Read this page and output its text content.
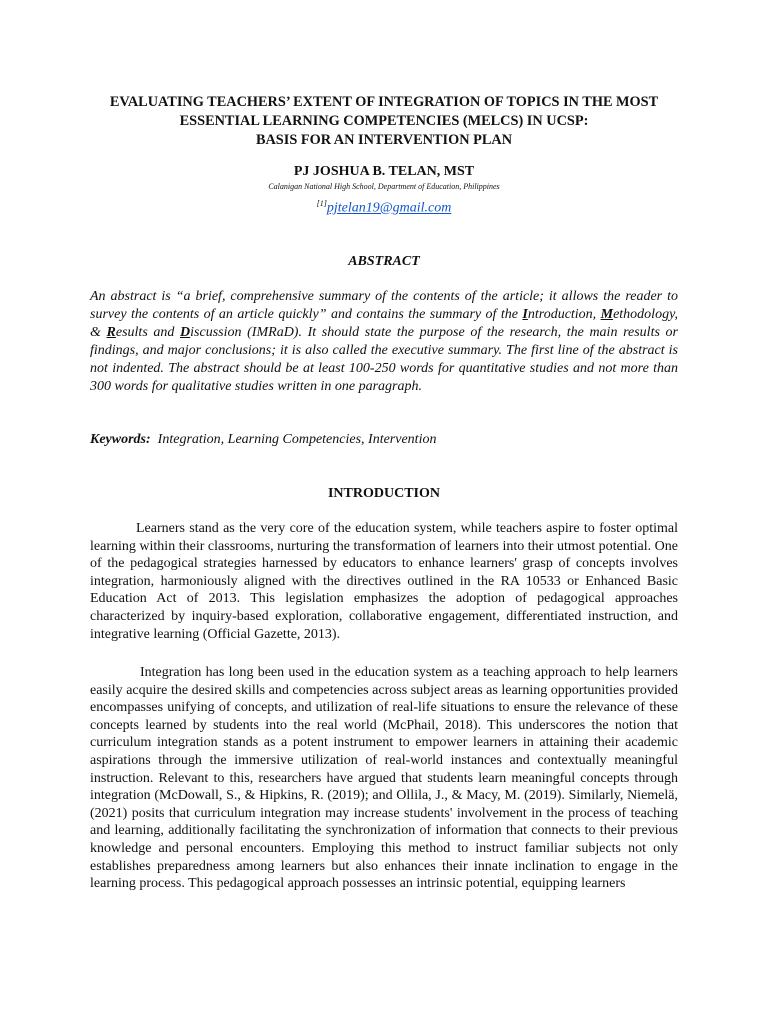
EVALUATING TEACHERS’ EXTENT OF INTEGRATION OF TOPICS IN THE MOST

ESSENTIAL LEARNING COMPETENCIES (MELCS) IN UCSP:

BASIS FOR AN INTERVENTION PLAN

PJ JOSHUA B. TELAN, MST
Calanigan National High School, Department of Education, Philippines
[1]pjtelan19@gmail.com
ABSTRACT

An abstract is “a brief, comprehensive summary of the contents of the article; it allows the reader to survey the contents of an article quickly” and contains the summary of the Introduction, Methodology, & Results and Discussion (IMRaD). It should state the purpose of the research, the main results or findings, and major conclusions; it is also called the executive summary. The first line of the abstract is not indented. The abstract should be at least 100-250 words for quantitative studies and not more than 300 words for qualitative studies written in one paragraph.

Keywords: Integration, Learning Competencies, Intervention
INTRODUCTION

Learners stand as the very core of the education system, while teachers aspire to foster optimal learning within their classrooms, nurturing the transformation of learners into their utmost potential. One of the pedagogical strategies harnessed by educators to enhance learners' grasp of concepts involves integration, harmoniously aligned with the directives outlined in the RA 10533 or Enhanced Basic Education Act of 2013. This legislation emphasizes the adoption of pedagogical approaches characterized by inquiry-based exploration, collaborative engagement, differentiated instruction, and integrative learning (Official Gazette, 2013).

Integration has long been used in the education system as a teaching approach to help learners easily acquire the desired skills and competencies across subject areas as learning opportunities provided encompasses unifying of concepts, and utilization of real-life situations to ensure the relevance of these concepts learned by students into the real world (McPhail, 2018). This underscores the notion that curriculum integration stands as a potent instrument to empower learners in attaining their academic aspirations through the immersive utilization of real-world instances and contextually meaningful instruction. Relevant to this, researchers have argued that students learn meaningful concepts through integration (McDowall, S., & Hipkins, R. (2019); and Ollila, J., & Macy, M. (2019). Similarly, Niemelä, (2021) posits that curriculum integration may increase students' involvement in the process of teaching and learning, additionally facilitating the synchronization of information that connects to their previous knowledge and personal encounters. Employing this method to instruct familiar subjects not only establishes preparedness among learners but also enhances their innate inclination to engage in the learning process. This pedagogical approach possesses an intrinsic potential, equipping learners
